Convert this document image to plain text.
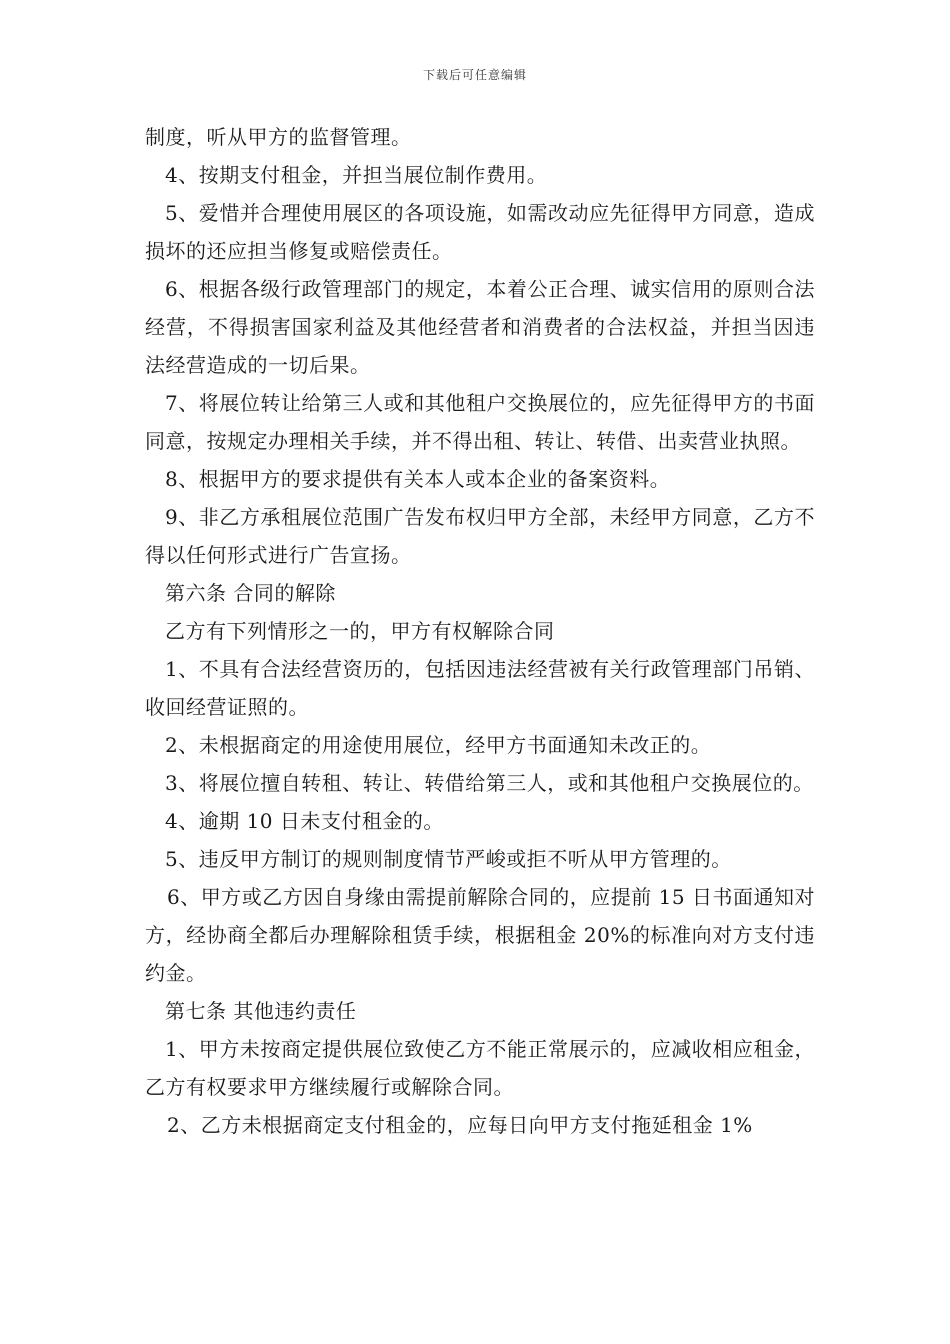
下载后可任意编辑

制度，听从甲方的监督管理。

4、按期支付租金，并担当展位制作费用。

5、爱惜并合理使用展区的各项设施，如需改动应先征得甲方同意，造成损坏的还应担当修复或赔偿责任。

6、根据各级行政管理部门的规定，本着公正合理、诚实信用的原则合法经营，不得损害国家利益及其他经营者和消费者的合法权益，并担当因违法经营造成的一切后果。

7、将展位转让给第三人或和其他租户交换展位的，应先征得甲方的书面同意，按规定办理相关手续，并不得出租、转让、转借、出卖营业执照。

8、根据甲方的要求提供有关本人或本企业的备案资料。

9、非乙方承租展位范围广告发布权归甲方全部，未经甲方同意，乙方不得以任何形式进行广告宣扬。

第六条 合同的解除

乙方有下列情形之一的，甲方有权解除合同

1、不具有合法经营资历的，包括因违法经营被有关行政管理部门吊销、收回经营证照的。

2、未根据商定的用途使用展位，经甲方书面通知未改正的。

3、将展位擅自转租、转让、转借给第三人，或和其他租户交换展位的。

4、逾期 10 日未支付租金的。

5、违反甲方制订的规则制度情节严峻或拒不听从甲方管理的。

6、甲方或乙方因自身缘由需提前解除合同的，应提前 15 日书面通知对方，经协商全都后办理解除租赁手续，根据租金 20%的标准向对方支付违约金。

第七条 其他违约责任

1、甲方未按商定提供展位致使乙方不能正常展示的，应减收相应租金，乙方有权要求甲方继续履行或解除合同。

2、乙方未根据商定支付租金的，应每日向甲方支付拖延租金 1%
